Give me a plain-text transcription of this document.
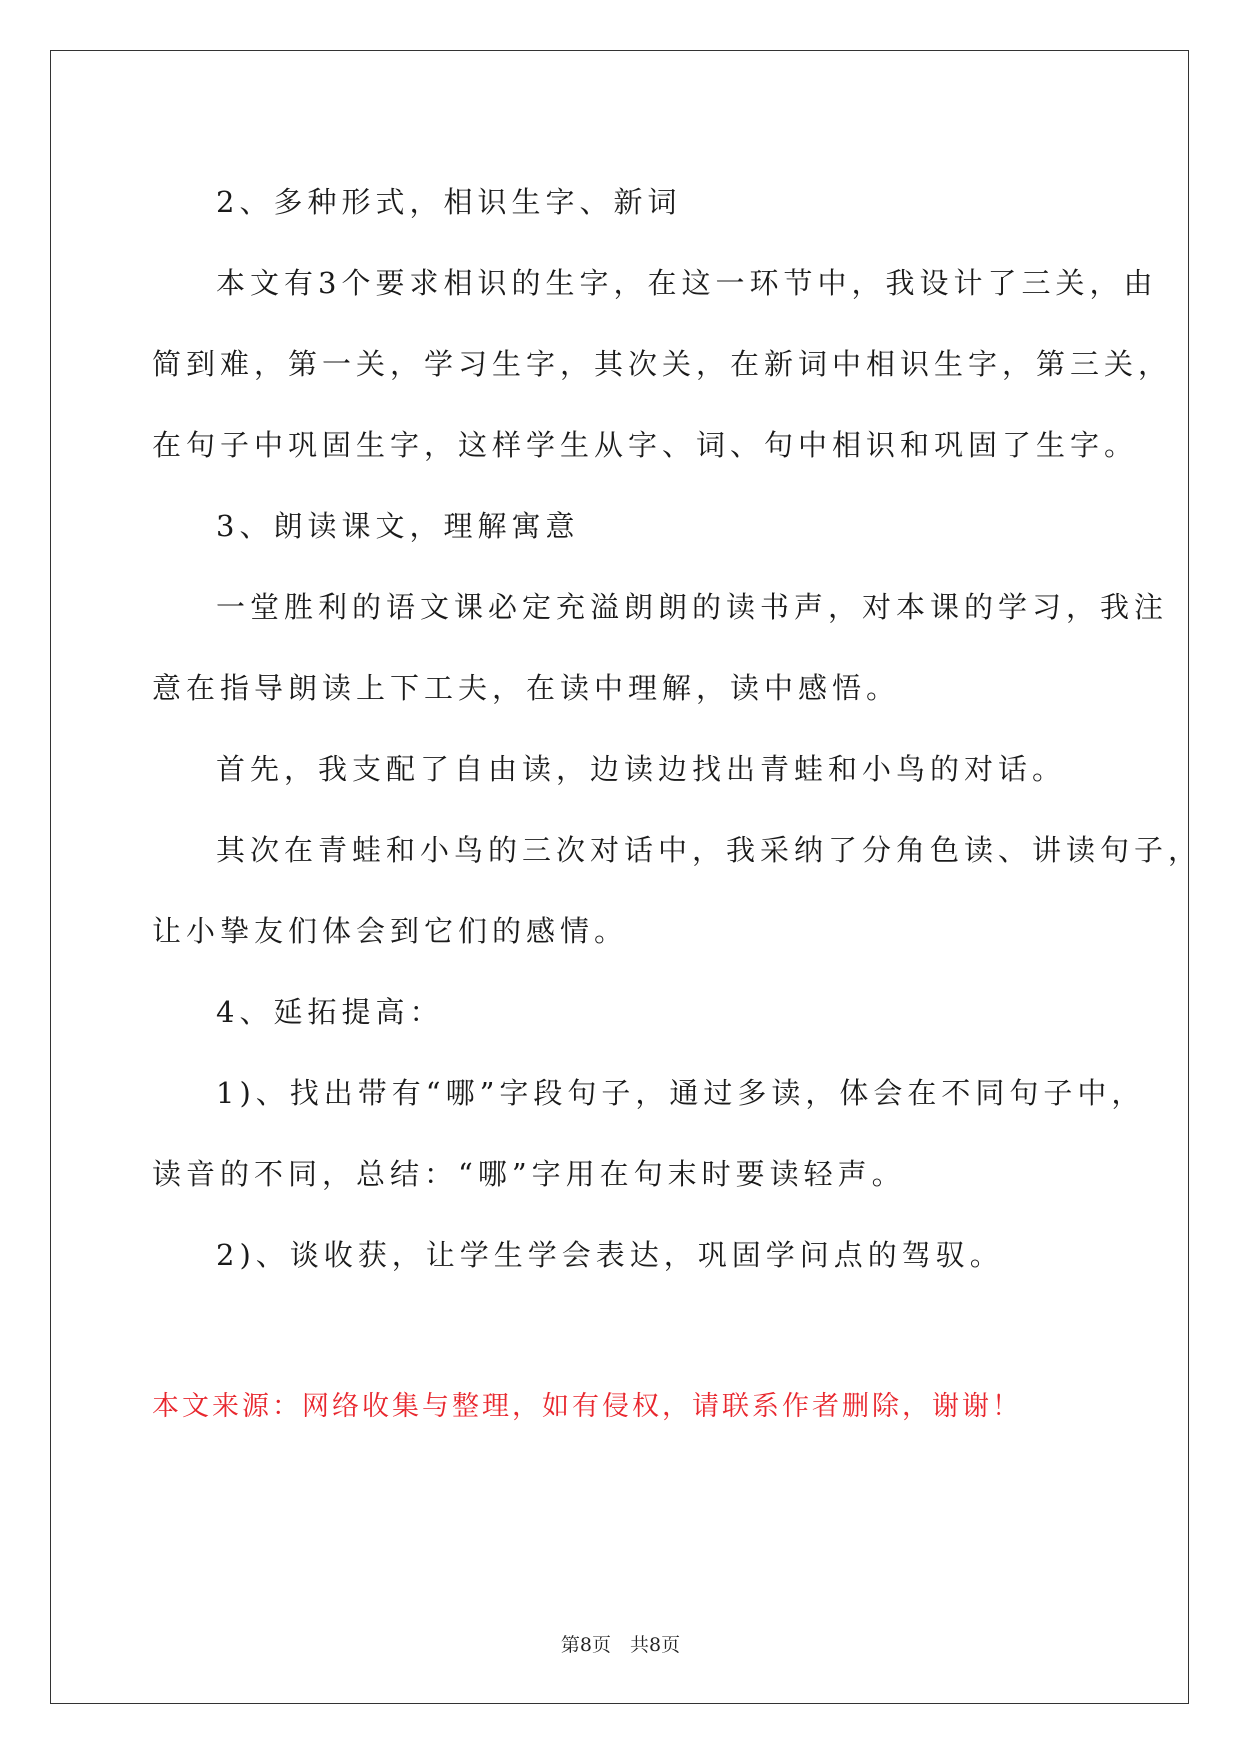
2、多种形式，相识生字、新词

本文有3个要求相识的生字，在这一环节中，我设计了三关，由

简到难，第一关，学习生字，其次关，在新词中相识生字，第三关，

在句子中巩固生字，这样学生从字、词、句中相识和巩固了生字。

3、朗读课文，理解寓意

一堂胜利的语文课必定充溢朗朗的读书声，对本课的学习，我注

意在指导朗读上下工夫，在读中理解，读中感悟。

首先，我支配了自由读，边读边找出青蛙和小鸟的对话。

其次在青蛙和小鸟的三次对话中，我采纳了分角色读、讲读句子，

让小挚友们体会到它们的感情。

4、延拓提高：

1)、找出带有“哪”字段句子，通过多读，体会在不同句子中，

读音的不同，总结：“哪”字用在句末时要读轻声。

2)、谈收获，让学生学会表达，巩固学问点的驾驭。

本文来源：网络收集与整理，如有侵权，请联系作者删除，谢谢！

第8页　共8页
